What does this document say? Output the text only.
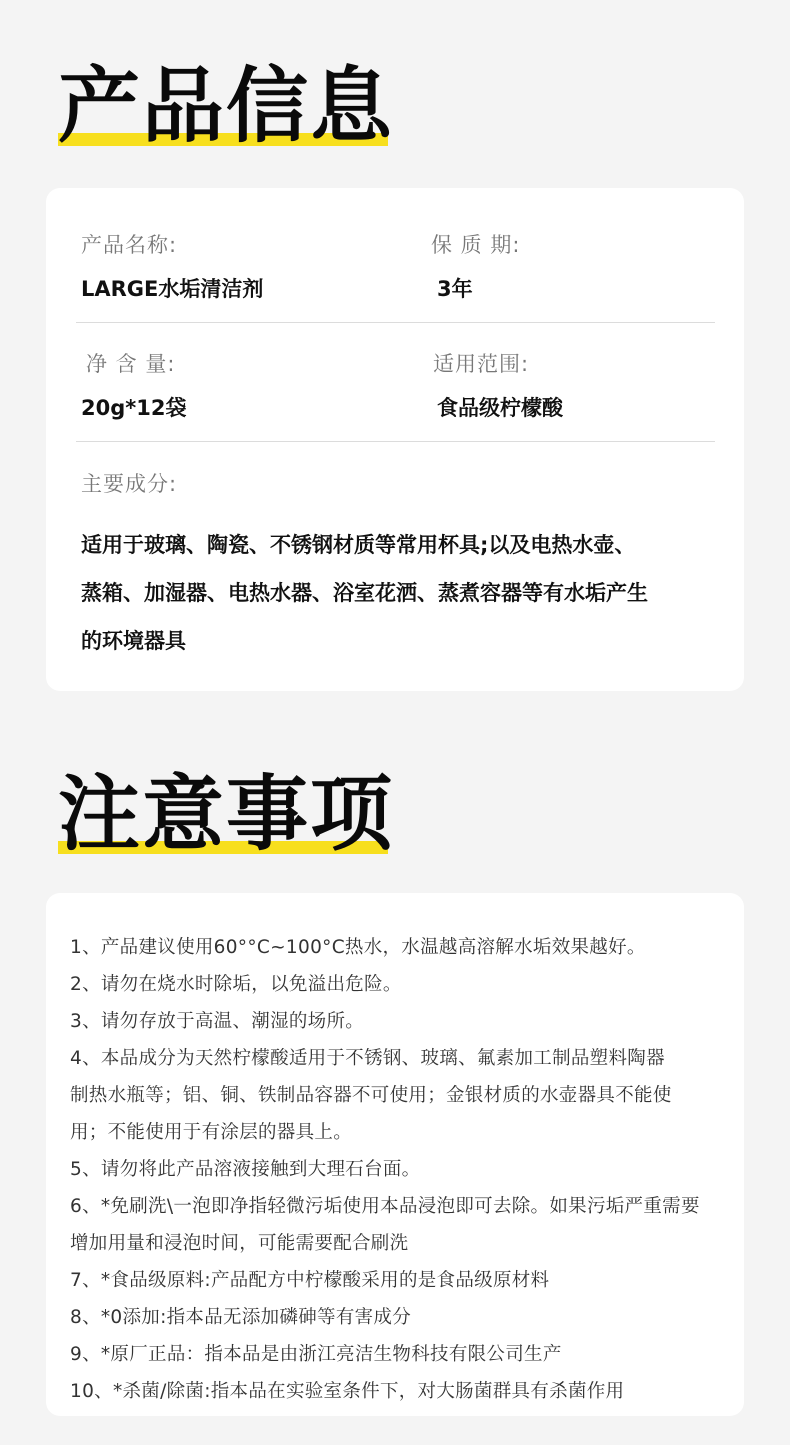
产品信息
产品名称:
LARGE水垢清洁剂
保 质 期:
3年
净 含 量:
20g*12袋
适用范围:
食品级柠檬酸
主要成分:
适用于玻璃、陶瓷、不锈钢材质等常用杯具;以及电热水壶、
蒸箱、加湿器、电热水器、浴室花洒、蒸煮容器等有水垢产生
的环境器具
注意事项
1、产品建议使用60°°C~100°C热水，水温越高溶解水垢效果越好。
2、请勿在烧水时除垢，以免溢出危险。
3、请勿存放于高温、潮湿的场所。
4、本品成分为天然柠檬酸适用于不锈钢、玻璃、氟素加工制品塑料陶器
制热水瓶等；铝、铜、铁制品容器不可使用；金银材质的水壶器具不能使
用；不能使用于有涂层的器具上。
5、请勿将此产品溶液接触到大理石台面。
6、*免刷洗\一泡即净指轻微污垢使用本品浸泡即可去除。如果污垢严重需要
增加用量和浸泡时间，可能需要配合刷洗
7、*食品级原料:产品配方中柠檬酸采用的是食品级原材料
8、*0添加:指本品无添加磷砷等有害成分
9、*原厂正品：指本品是由浙江亮洁生物科技有限公司生产
10、*杀菌/除菌:指本品在实验室条件下，对大肠菌群具有杀菌作用
